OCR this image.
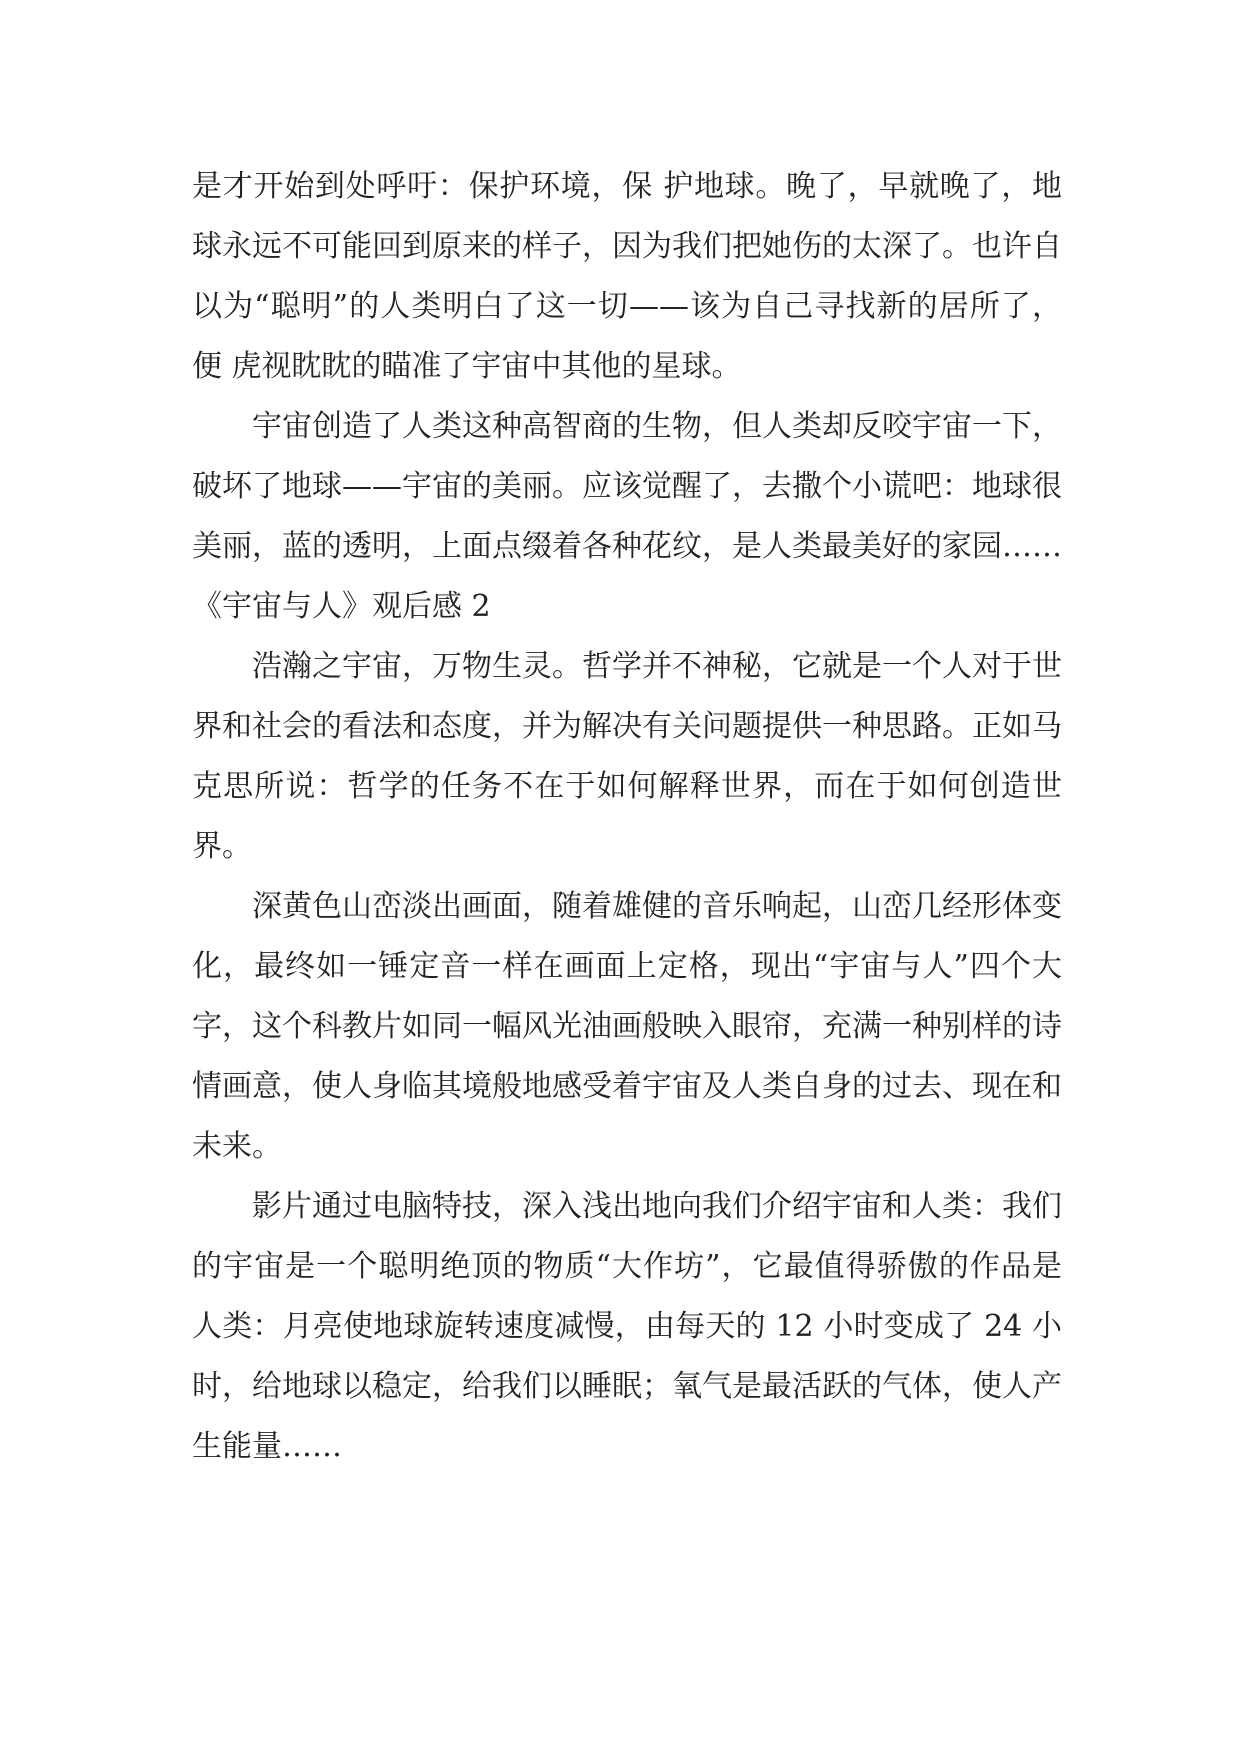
是才开始到处呼吁：保护环境，保 护地球。晚了，早就晚了，地球永远不可能回到原来的样子，因为我们把她伤的太深了。也许自以为“聪明”的人类明白了这一切——该为自己寻找新的居所了，便 虎视眈眈的瞄准了宇宙中其他的星球。

宇宙创造了人类这种高智商的生物，但人类却反咬宇宙一下，破坏了地球——宇宙的美丽。应该觉醒了，去撒个小谎吧：地球很美丽，蓝的透明，上面点缀着各种花纹，是人类最美好的家园……

《宇宙与人》观后感 2

浩瀚之宇宙，万物生灵。哲学并不神秘，它就是一个人对于世界和社会的看法和态度，并为解决有关问题提供一种思路。正如马克思所说：哲学的任务不在于如何解释世界，而在于如何创造世界。

深黄色山峦淡出画面，随着雄健的音乐响起，山峦几经形体变化，最终如一锤定音一样在画面上定格，现出“宇宙与人”四个大字，这个科教片如同一幅风光油画般映入眼帘，充满一种别样的诗情画意，使人身临其境般地感受着宇宙及人类自身的过去、现在和未来。

影片通过电脑特技，深入浅出地向我们介绍宇宙和人类：我们的宇宙是一个聪明绝顶的物质“大作坊”，它最值得骄傲的作品是人类：月亮使地球旋转速度减慢，由每天的 12 小时变成了 24 小时，给地球以稳定，给我们以睡眠；氧气是最活跃的气体，使人产生能量……
